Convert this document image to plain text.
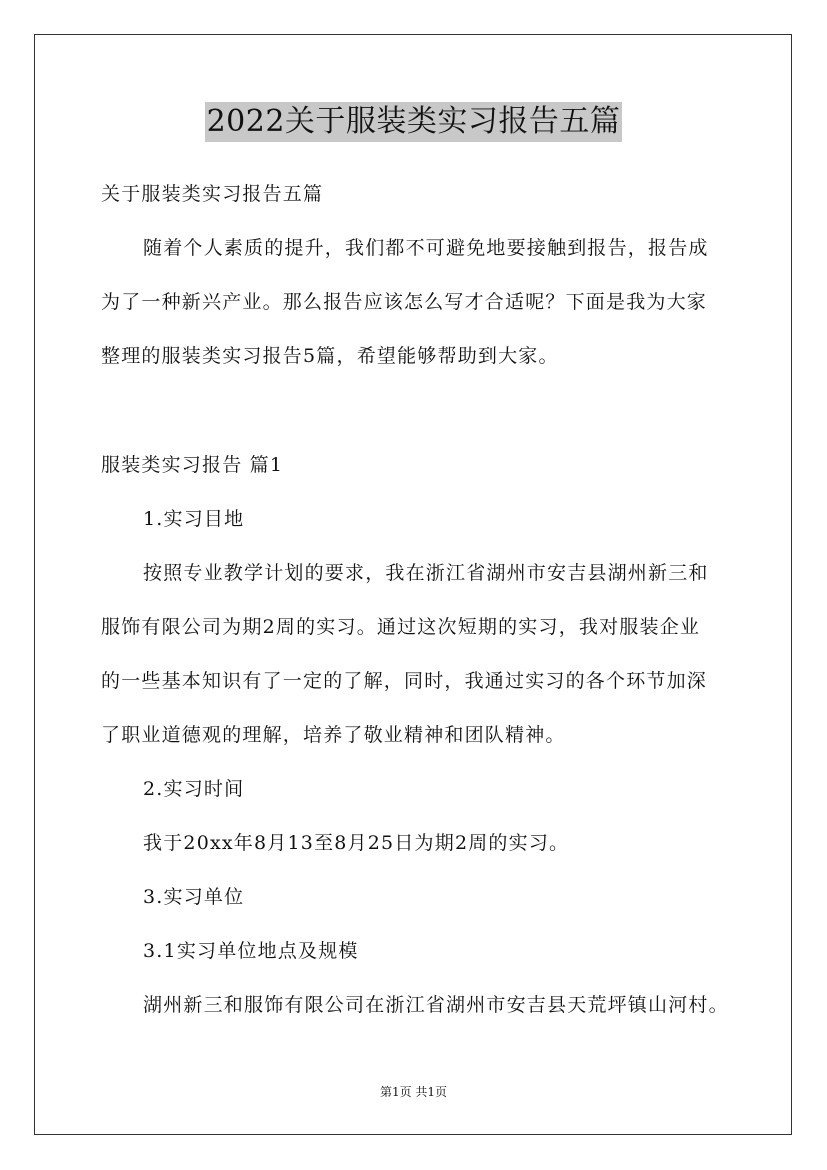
2022关于服装类实习报告五篇
关于服装类实习报告五篇
随着个人素质的提升，我们都不可避免地要接触到报告，报告成
为了一种新兴产业。那么报告应该怎么写才合适呢？下面是我为大家
整理的服装类实习报告5篇，希望能够帮助到大家。
服装类实习报告 篇1
1.实习目地
按照专业教学计划的要求，我在浙江省湖州市安吉县湖州新三和
服饰有限公司为期2周的实习。通过这次短期的实习，我对服装企业
的一些基本知识有了一定的了解，同时，我通过实习的各个环节加深
了职业道德观的理解，培养了敬业精神和团队精神。
2.实习时间
我于20xx年8月13至8月25日为期2周的实习。
3.实习单位
3.1实习单位地点及规模
湖州新三和服饰有限公司在浙江省湖州市安吉县天荒坪镇山河村。
第1页 共1页
